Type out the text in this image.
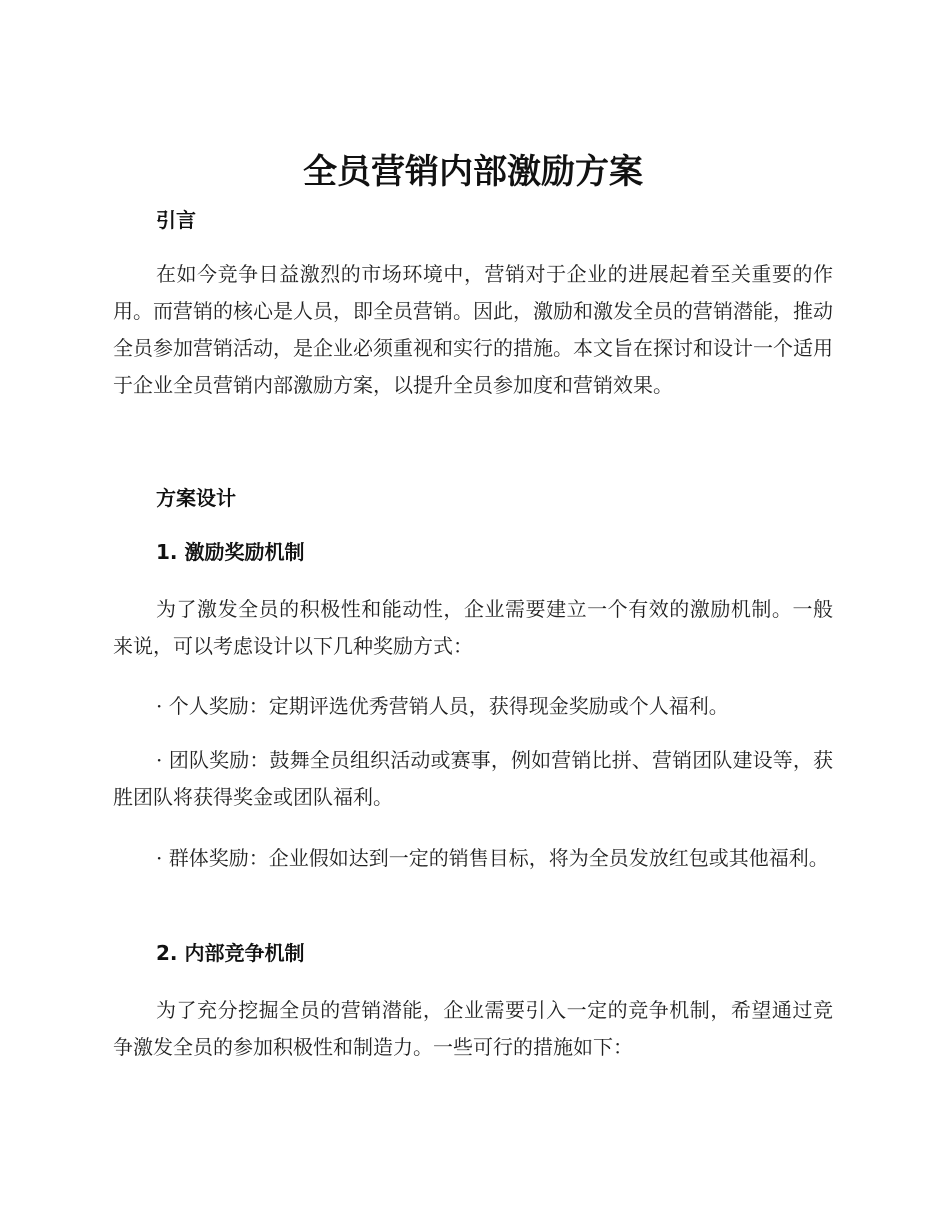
全员营销内部激励方案
引言

在如今竞争日益激烈的市场环境中，营销对于企业的进展起着至关重要的作用。而营销的核心是人员，即全员营销。因此，激励和激发全员的营销潜能，推动全员参加营销活动，是企业必须重视和实行的措施。本文旨在探讨和设计一个适用于企业全员营销内部激励方案，以提升全员参加度和营销效果。

方案设计
1. 激励奖励机制

为了激发全员的积极性和能动性，企业需要建立一个有效的激励机制。一般来说，可以考虑设计以下几种奖励方式：

· 个人奖励：定期评选优秀营销人员，获得现金奖励或个人福利。

· 团队奖励：鼓舞全员组织活动或赛事，例如营销比拼、营销团队建设等，获胜团队将获得奖金或团队福利。

· 群体奖励：企业假如达到一定的销售目标，将为全员发放红包或其他福利。

2. 内部竞争机制

为了充分挖掘全员的营销潜能，企业需要引入一定的竞争机制，希望通过竞争激发全员的参加积极性和制造力。一些可行的措施如下：
